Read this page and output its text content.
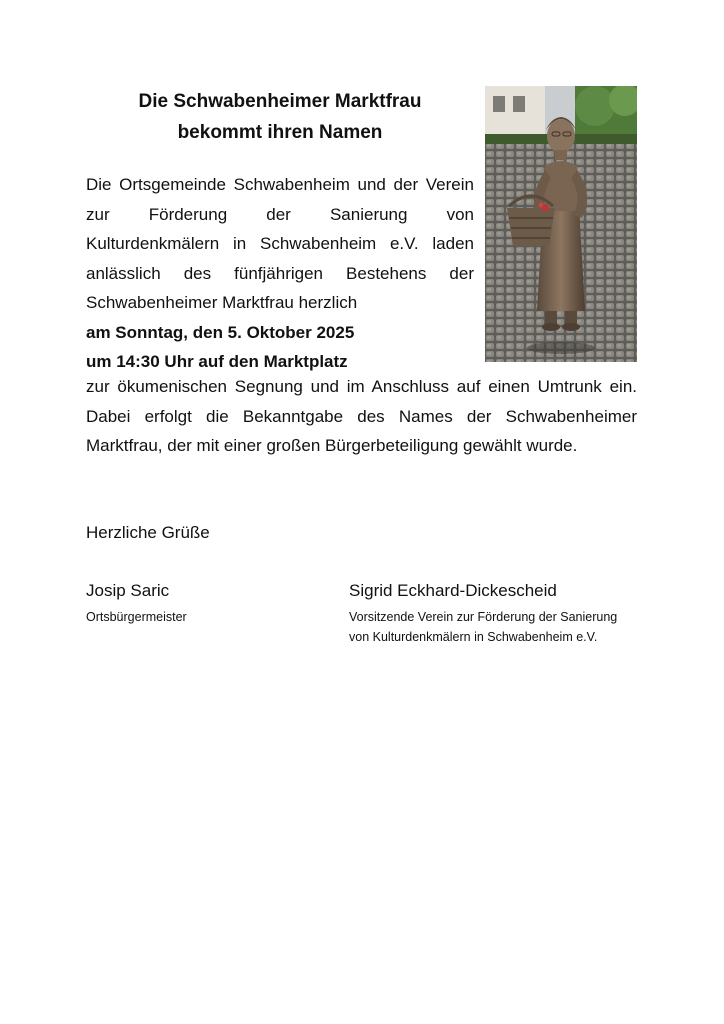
Die Schwabenheimer Marktfrau
bekommt ihren Namen

Die Ortsgemeinde Schwabenheim und der Verein zur Förderung der Sanierung von Kulturdenkmälern in Schwabenheim e.V. laden anlässlich des fünfjährigen Bestehens der Schwabenheimer Marktfrau herzlich

am Sonntag, den 5. Oktober 2025

um 14:30 Uhr auf den Marktplatz

zur ökumenischen Segnung und im Anschluss auf einen Umtrunk ein. Dabei erfolgt die Bekanntgabe des Names der Schwabenheimer Marktfrau, der mit einer großen Bürgerbeteiligung gewählt wurde.
Herzliche Grüße
Josip Saric
Ortsbürgermeister
Sigrid Eckhard-Dickescheid
Vorsitzende Verein zur Förderung der Sanierung
von Kulturdenkmälern in Schwabenheim e.V.
